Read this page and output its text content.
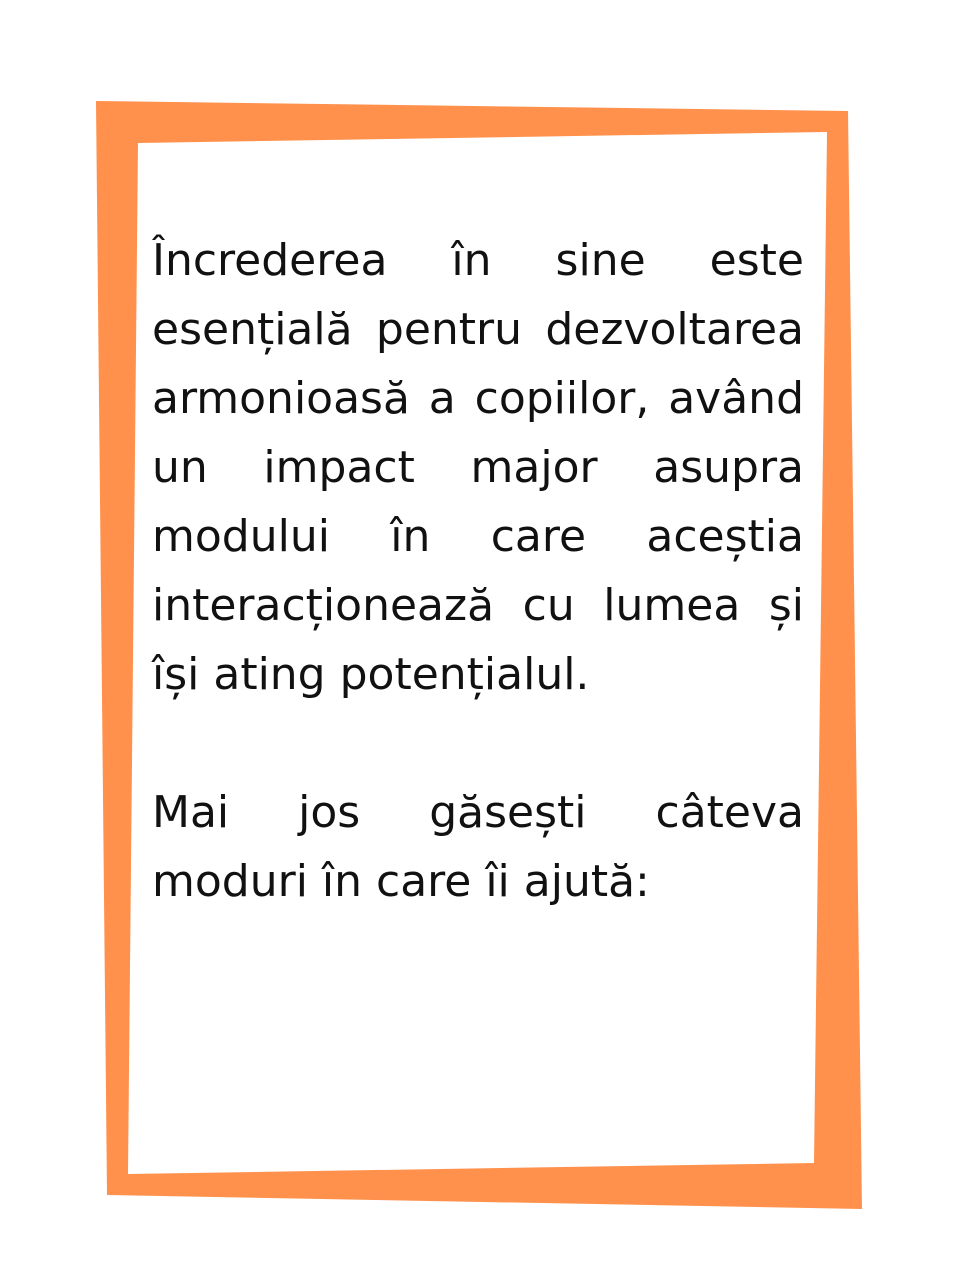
Încrederea în sine este esențială pentru dezvoltarea armonioasă a copiilor, având un impact major asupra modului în care aceștia interacționează cu lumea și își ating potențialul.

Mai jos găsești câteva moduri în care îi ajută:
